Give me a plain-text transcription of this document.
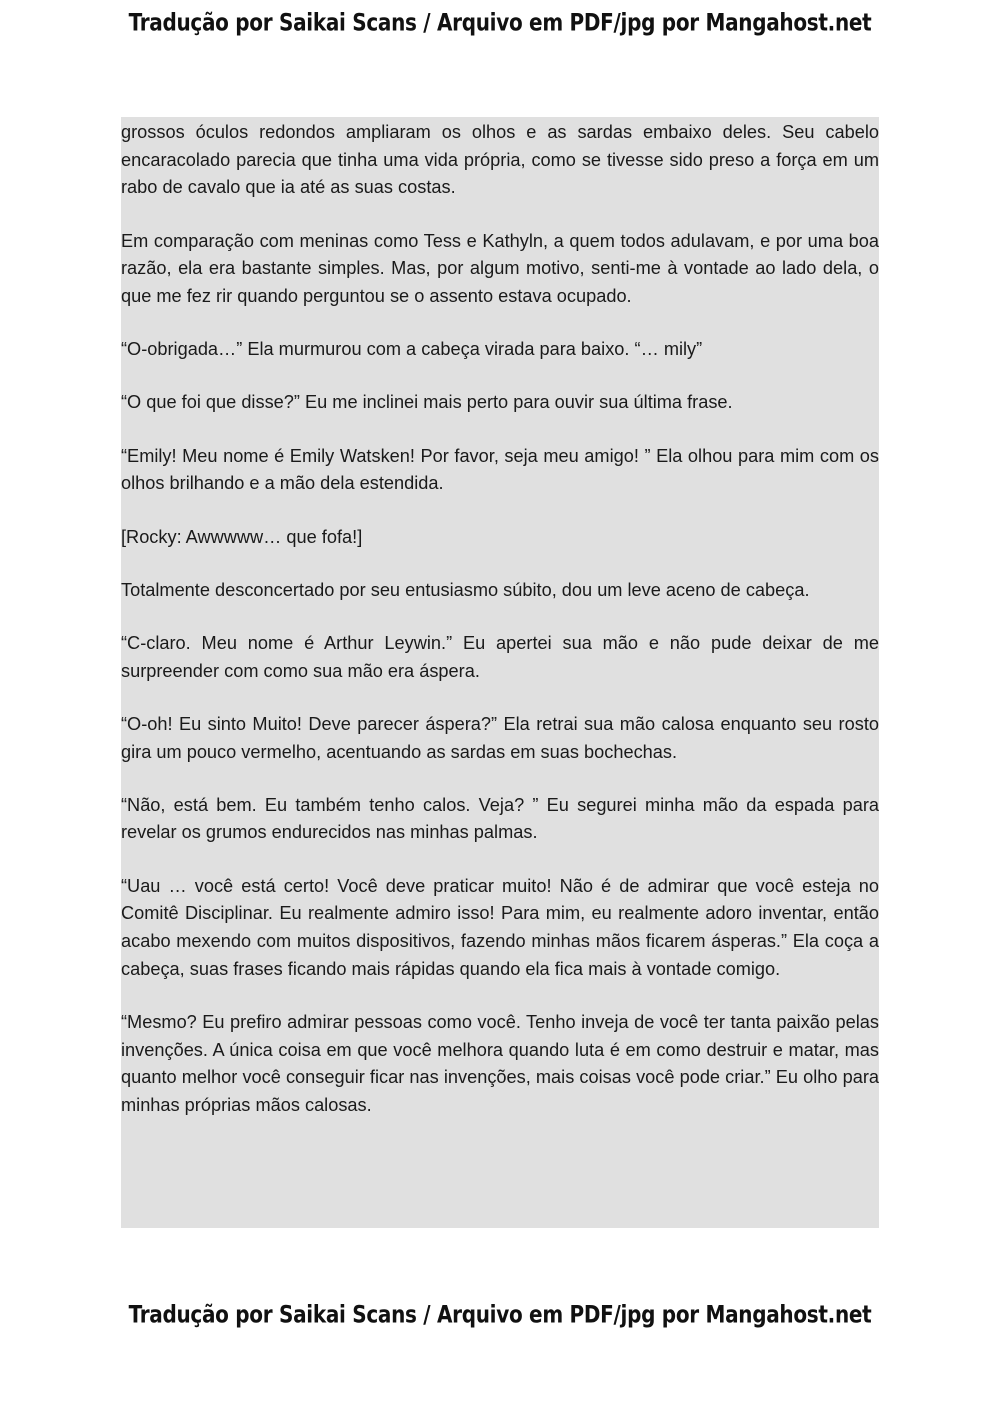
Tradução por Saikai Scans / Arquivo em PDF/jpg por Mangahost.net

grossos óculos redondos ampliaram os olhos e as sardas embaixo deles. Seu cabelo encaracolado parecia que tinha uma vida própria, como se tivesse sido preso a força em um rabo de cavalo que ia até as suas costas.

Em comparação com meninas como Tess e Kathyln, a quem todos adulavam, e por uma boa razão, ela era bastante simples. Mas, por algum motivo, senti-me à vontade ao lado dela, o que me fez rir quando perguntou se o assento estava ocupado.

“O-obrigada…” Ela murmurou com a cabeça virada para baixo. “… mily”

“O que foi que disse?” Eu me inclinei mais perto para ouvir sua última frase.

“Emily! Meu nome é Emily Watsken! Por favor, seja meu amigo! ” Ela olhou para mim com os olhos brilhando e a mão dela estendida.

[Rocky: Awwwww… que fofa!]

Totalmente desconcertado por seu entusiasmo súbito, dou um leve aceno de cabeça.

“C-claro. Meu nome é Arthur Leywin.” Eu apertei sua mão e não pude deixar de me surpreender com como sua mão era áspera.

“O-oh! Eu sinto Muito! Deve parecer áspera?” Ela retrai sua mão calosa enquanto seu rosto gira um pouco vermelho, acentuando as sardas em suas bochechas.

“Não, está bem. Eu também tenho calos. Veja? ” Eu segurei minha mão da espada para revelar os grumos endurecidos nas minhas palmas.

“Uau … você está certo! Você deve praticar muito! Não é de admirar que você esteja no Comitê Disciplinar. Eu realmente admiro isso! Para mim, eu realmente adoro inventar, então acabo mexendo com muitos dispositivos, fazendo minhas mãos ficarem ásperas.” Ela coça a cabeça, suas frases ficando mais rápidas quando ela fica mais à vontade comigo.

“Mesmo? Eu prefiro admirar pessoas como você. Tenho inveja de você ter tanta paixão pelas invenções. A única coisa em que você melhora quando luta é em como destruir e matar, mas quanto melhor você conseguir ficar nas invenções, mais coisas você pode criar.” Eu olho para minhas próprias mãos calosas.

Tradução por Saikai Scans / Arquivo em PDF/jpg por Mangahost.net
